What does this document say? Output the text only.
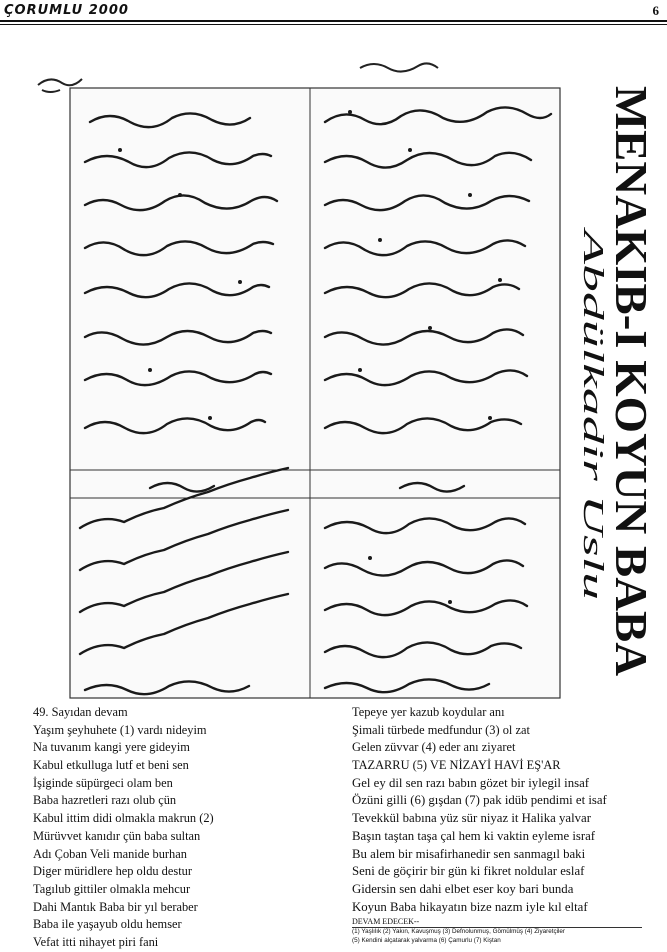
ÇORUMLU 2000	6
MENAKIB-I KOYUN BABA
Abdülkadir Uslu
49. Sayıdan devam
Yaşım şeyhuhete (1) vardı nideyim
Na tuvanım kangi yere gideyim
Kabul etkulluga lutf et beni sen
İşiginde süpürgeci olam ben
Baba hazretleri razı olub çün
Kabul ittim didi olmakla makrun (2)
Mürüvvet kanıdır çün baba sultan
Adı Çoban Veli manide burhan
Diger müridlere hep oldu destur
Tagılub gittiler olmakla mehcur
Dahi Mantık Baba bir yıl beraber
Baba ile yaşayub oldu hemser
Vefat itti nihayet piri fani
Tepeye yer kazub koydular anı
Şimali türbede medfundur (3) ol zat
Gelen züvvar (4) eder anı ziyaret
TAZARRU (5) VE NİZAYİ HAVİ EŞ'AR
Gel ey dil sen razı babın gözet bir iylegil insaf
Özüni gilli (6) gışdan (7) pak idüb pendimi et isaf
Tevekkül babına yüz sür niyaz it Halika yalvar
Başın taştan taşa çal hem ki vaktin eyleme israf
Bu alem bir misafirhanedir sen sanmagıl baki
Seni de göçirir bir gün ki fikret noldular eslaf
Gidersin sen dahi elbet eser koy bari bunda
Koyun Baba hikayatın bize nazm iyle kıl eltaf
DEVAM EDECEK--
(1) Yaşlılık (2) Yakın, Kavuşmuş (3) Defnolunmuş, Gömülmüş (4) Ziyaretçiler
(5) Kendini alçatarak yalvarma (6) Çamurlu (7) Kiştan
